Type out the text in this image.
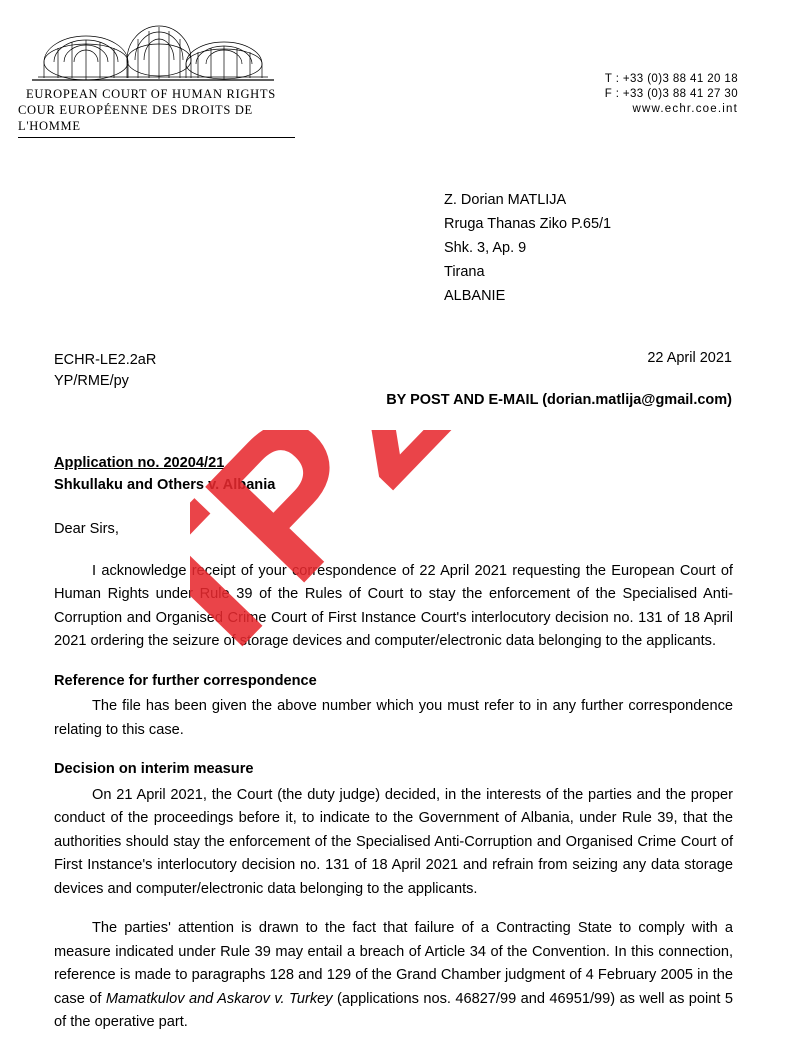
EUROPEAN COURT OF HUMAN RIGHTS
COUR EUROPÉENNE DES DROITS DE L'HOMME
T : +33 (0)3 88 41 20 18
F : +33 (0)3 88 41 27 30
www.echr.coe.int
Z. Dorian MATLIJA
Rruga Thanas Ziko P.65/1
Shk. 3, Ap. 9
Tirana
ALBANIE
ECHR-LE2.2aR
YP/RME/py
22 April 2021
BY POST AND E-MAIL (dorian.matlija@gmail.com)
Application no. 20204/21
Shkullaku and Others v. Albania
Dear Sirs,

I acknowledge receipt of your correspondence of 22 April 2021 requesting the European Court of Human Rights under Rule 39 of the Rules of Court to stay the enforcement of the Specialised Anti-Corruption and Organised Crime Court of First Instance Court's interlocutory decision no. 131 of 18 April 2021 ordering the seizure of storage devices and computer/electronic data belonging to the applicants.

Reference for further correspondence

The file has been given the above number which you must refer to in any further correspondence relating to this case.

Decision on interim measure

On 21 April 2021, the Court (the duty judge) decided, in the interests of the parties and the proper conduct of the proceedings before it, to indicate to the Government of Albania, under Rule 39, that the authorities should stay the enforcement of the Specialised Anti-Corruption and Organised Crime Court of First Instance's interlocutory decision no. 131 of 18 April 2021 and refrain from seizing any data storage devices and computer/electronic data belonging to the applicants.

The parties' attention is drawn to the fact that failure of a Contracting State to comply with a measure indicated under Rule 39 may entail a breach of Article 34 of the Convention. In this connection, reference is made to paragraphs 128 and 129 of the Grand Chamber judgment of 4 February 2005 in the case of Mamatkulov and Askarov v. Turkey (applications nos. 46827/99 and 46951/99) as well as point 5 of the operative part.
